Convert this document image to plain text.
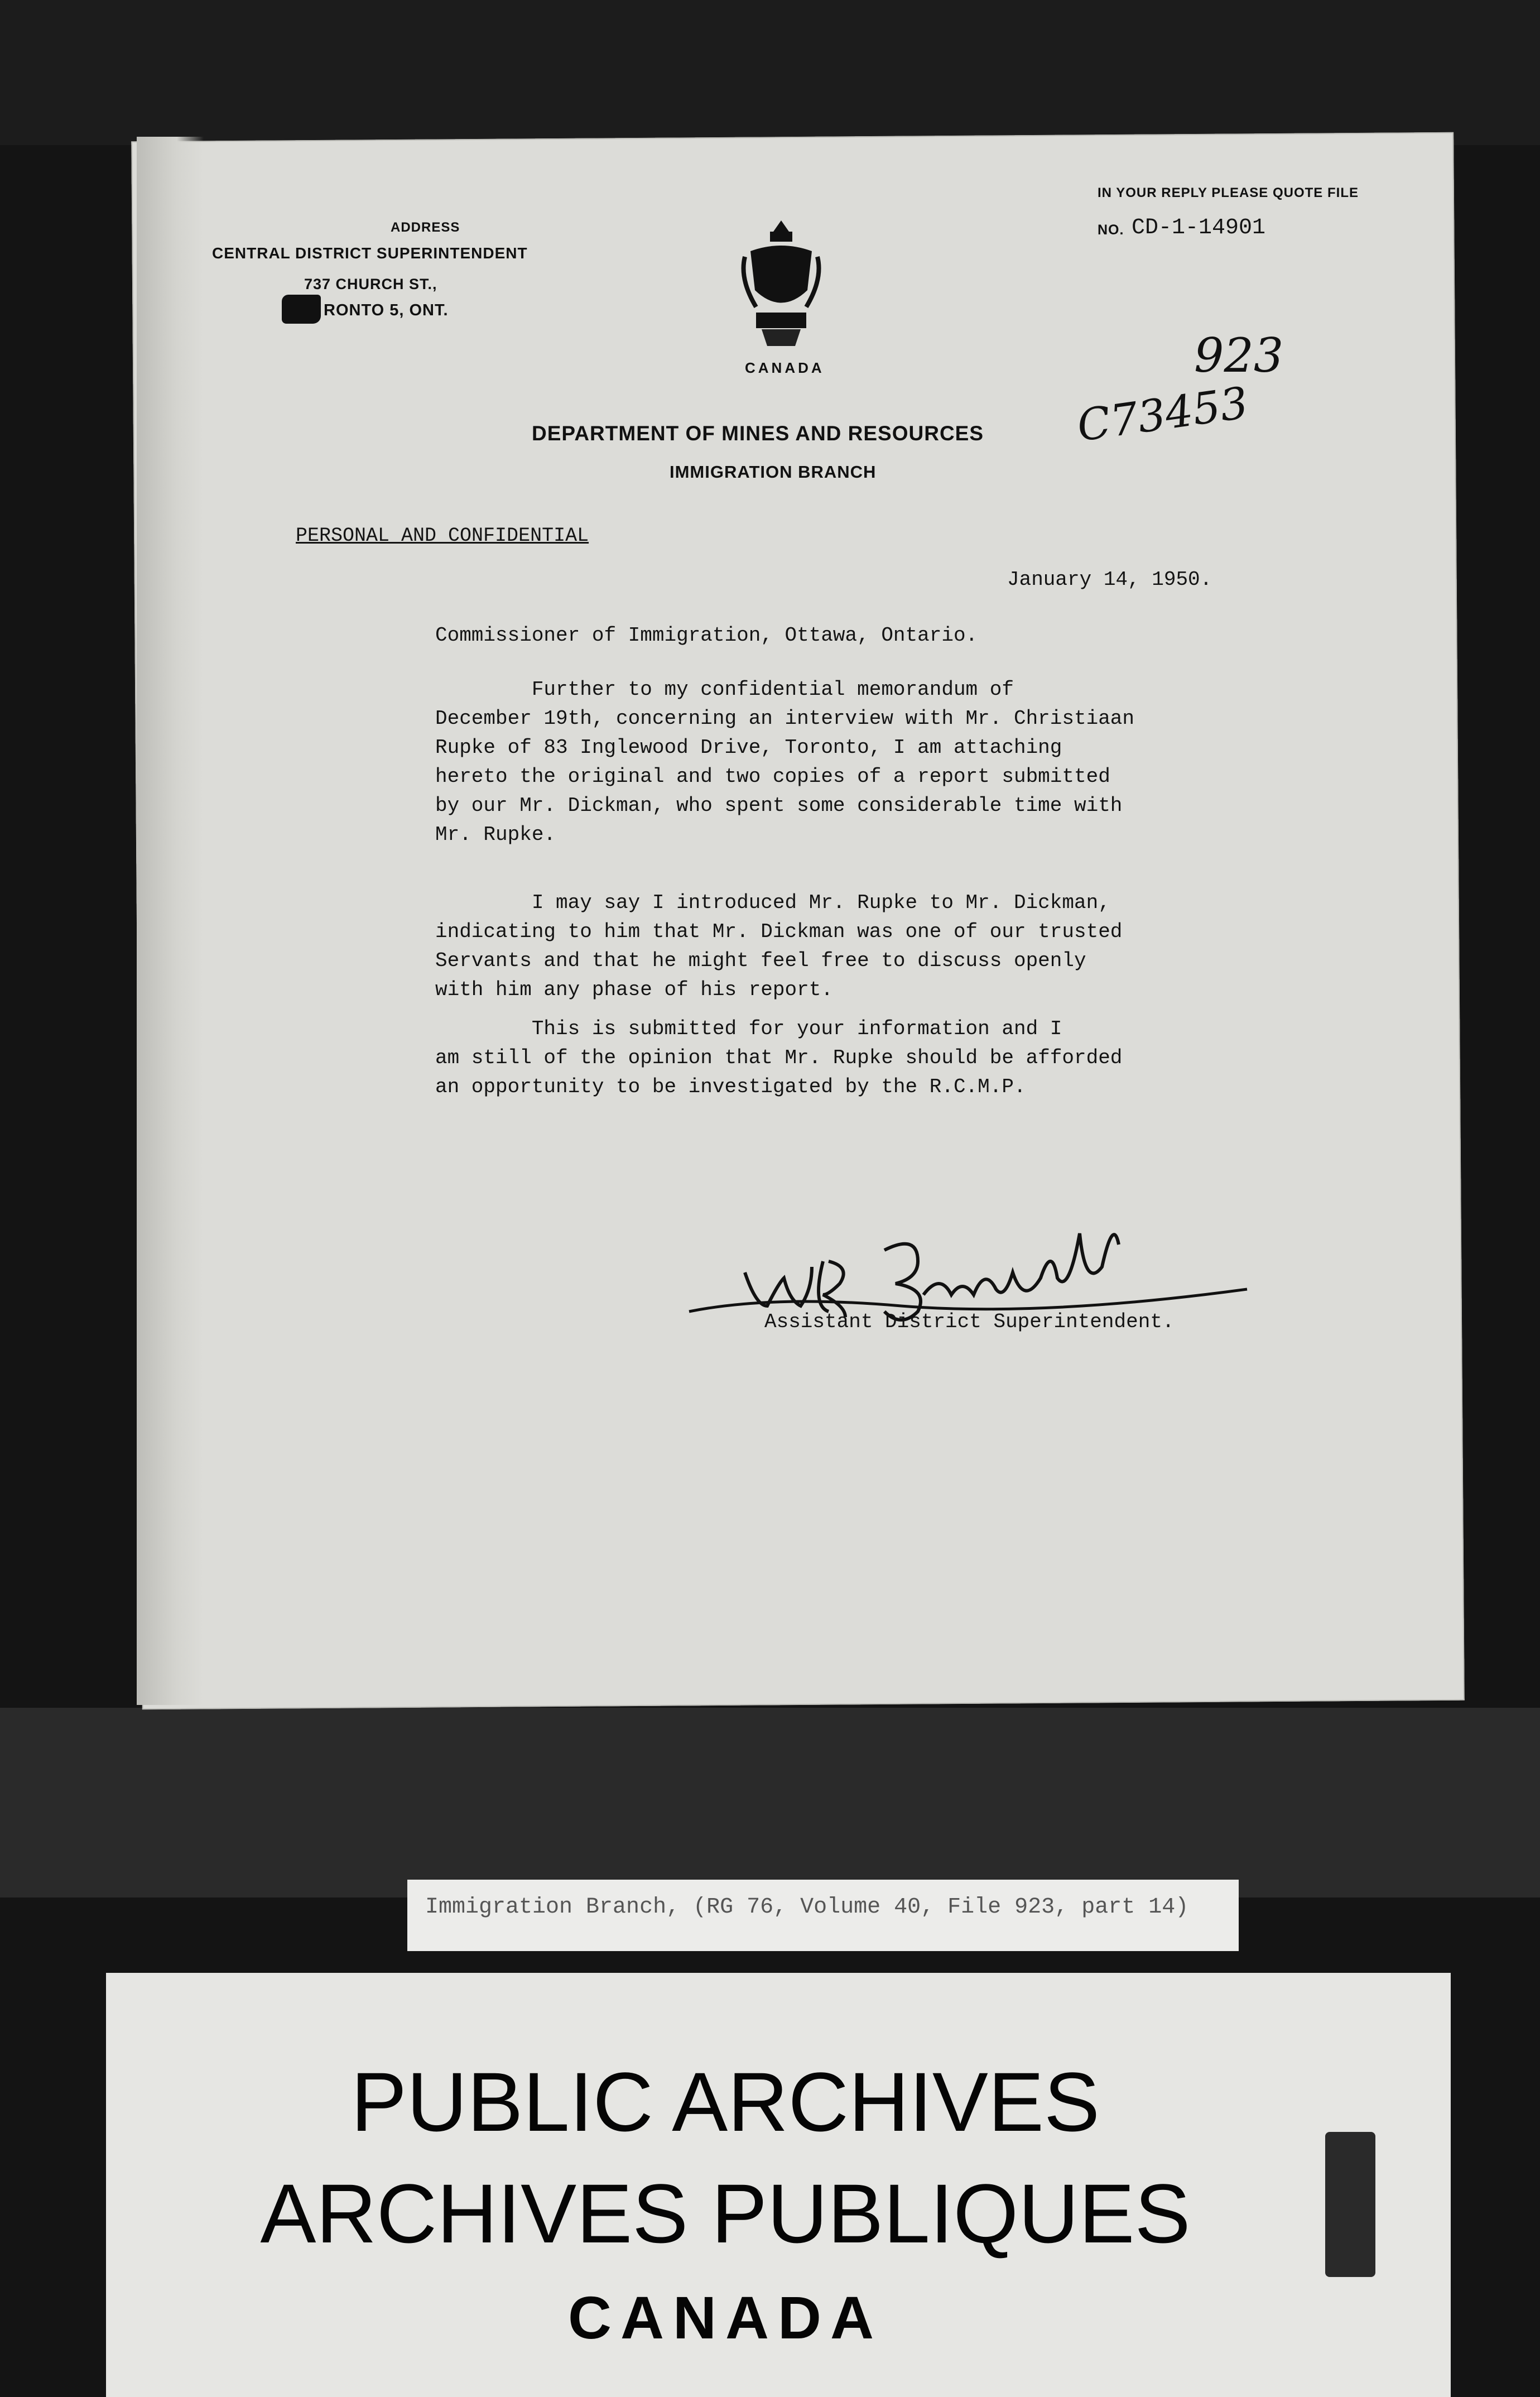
ADDRESS
CENTRAL DISTRICT SUPERINTENDENT
737 CHURCH ST.,
RONTO 5, ONT.
CANADA
DEPARTMENT OF MINES AND RESOURCES
IMMIGRATION BRANCH
IN YOUR REPLY PLEASE QUOTE FILE
NO. CD-1-14901
923
C73453
PERSONAL AND CONFIDENTIAL
January 14, 1950.
Commissioner of Immigration, Ottawa, Ontario.
Further to my confidential memorandum of
December 19th, concerning an interview with Mr. Christiaan
Rupke of 83 Inglewood Drive, Toronto, I am attaching
hereto the original and two copies of a report submitted
by our Mr. Dickman, who spent some considerable time with
Mr. Rupke.
I may say I introduced Mr. Rupke to Mr. Dickman,
indicating to him that Mr. Dickman was one of our trusted
Servants and that he might feel free to discuss openly
with him any phase of his report.
This is submitted for your information and I
am still of the opinion that Mr. Rupke should be afforded
an opportunity to be investigated by the R.C.M.P.
Assistant District Superintendent.
Immigration Branch, (RG 76, Volume 40, File 923, part 14)
PUBLIC ARCHIVES
ARCHIVES PUBLIQUES
CANADA
